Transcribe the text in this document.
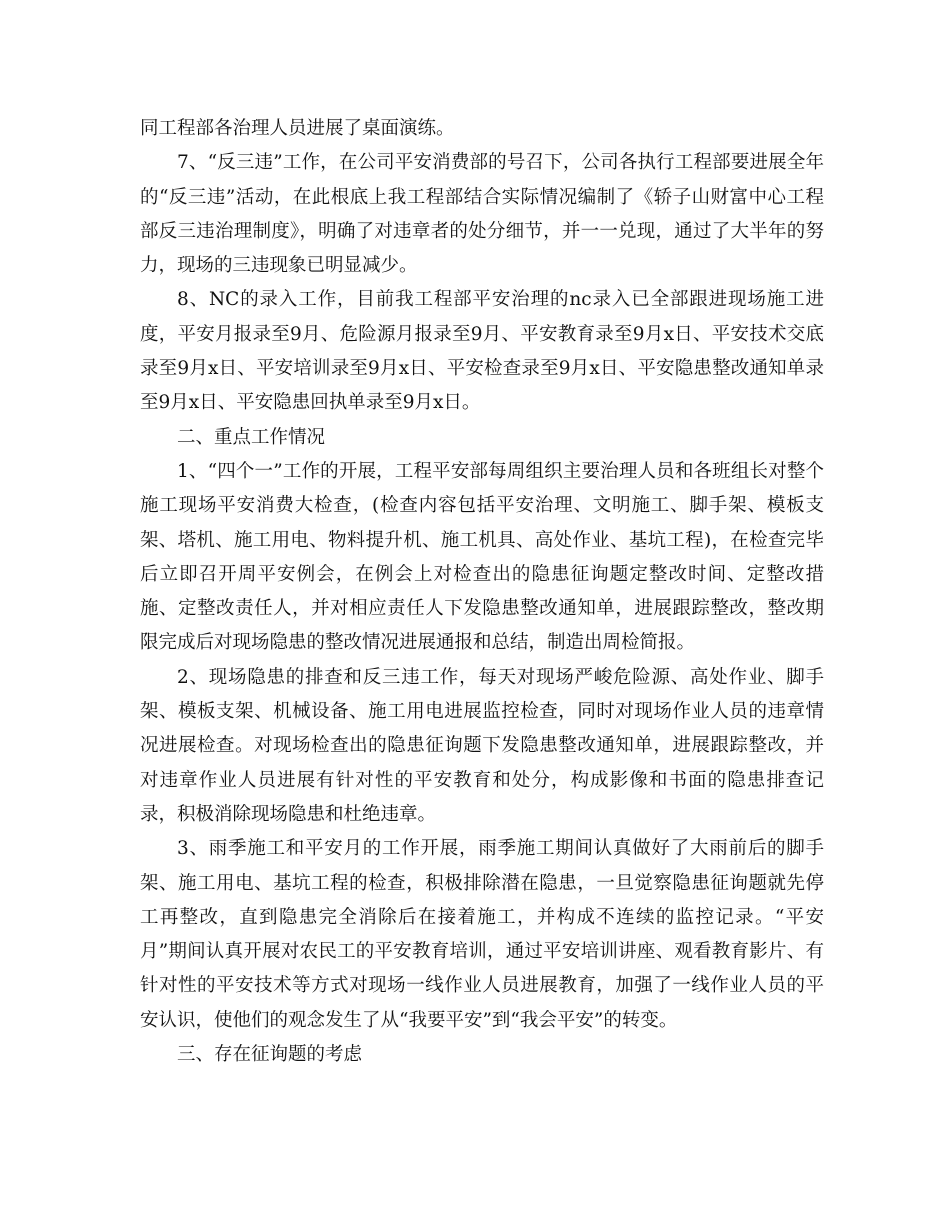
同工程部各治理人员进展了桌面演练。

7、“反三违”工作，在公司平安消费部的号召下，公司各执行工程部要进展全年的“反三违”活动，在此根底上我工程部结合实际情况编制了《轿子山财富中心工程部反三违治理制度》，明确了对违章者的处分细节，并一一兑现，通过了大半年的努力，现场的三违现象已明显减少。

8、NC的录入工作，目前我工程部平安治理的nc录入已全部跟进现场施工进度，平安月报录至9月、危险源月报录至9月、平安教育录至9月x日、平安技术交底录至9月x日、平安培训录至9月x日、平安检查录至9月x日、平安隐患整改通知单录至9月x日、平安隐患回执单录至9月x日。

二、重点工作情况

1、“四个一”工作的开展，工程平安部每周组织主要治理人员和各班组长对整个施工现场平安消费大检查，(检查内容包括平安治理、文明施工、脚手架、模板支架、塔机、施工用电、物料提升机、施工机具、高处作业、基坑工程)，在检查完毕后立即召开周平安例会，在例会上对检查出的隐患征询题定整改时间、定整改措施、定整改责任人，并对相应责任人下发隐患整改通知单，进展跟踪整改，整改期限完成后对现场隐患的整改情况进展通报和总结，制造出周检简报。

2、现场隐患的排查和反三违工作，每天对现场严峻危险源、高处作业、脚手架、模板支架、机械设备、施工用电进展监控检查，同时对现场作业人员的违章情况进展检查。对现场检查出的隐患征询题下发隐患整改通知单，进展跟踪整改，并对违章作业人员进展有针对性的平安教育和处分，构成影像和书面的隐患排查记录，积极消除现场隐患和杜绝违章。

3、雨季施工和平安月的工作开展，雨季施工期间认真做好了大雨前后的脚手架、施工用电、基坑工程的检查，积极排除潜在隐患，一旦觉察隐患征询题就先停工再整改，直到隐患完全消除后在接着施工，并构成不连续的监控记录。“平安月”期间认真开展对农民工的平安教育培训，通过平安培训讲座、观看教育影片、有针对性的平安技术等方式对现场一线作业人员进展教育，加强了一线作业人员的平安认识，使他们的观念发生了从“我要平安”到“我会平安”的转变。

三、存在征询题的考虑
